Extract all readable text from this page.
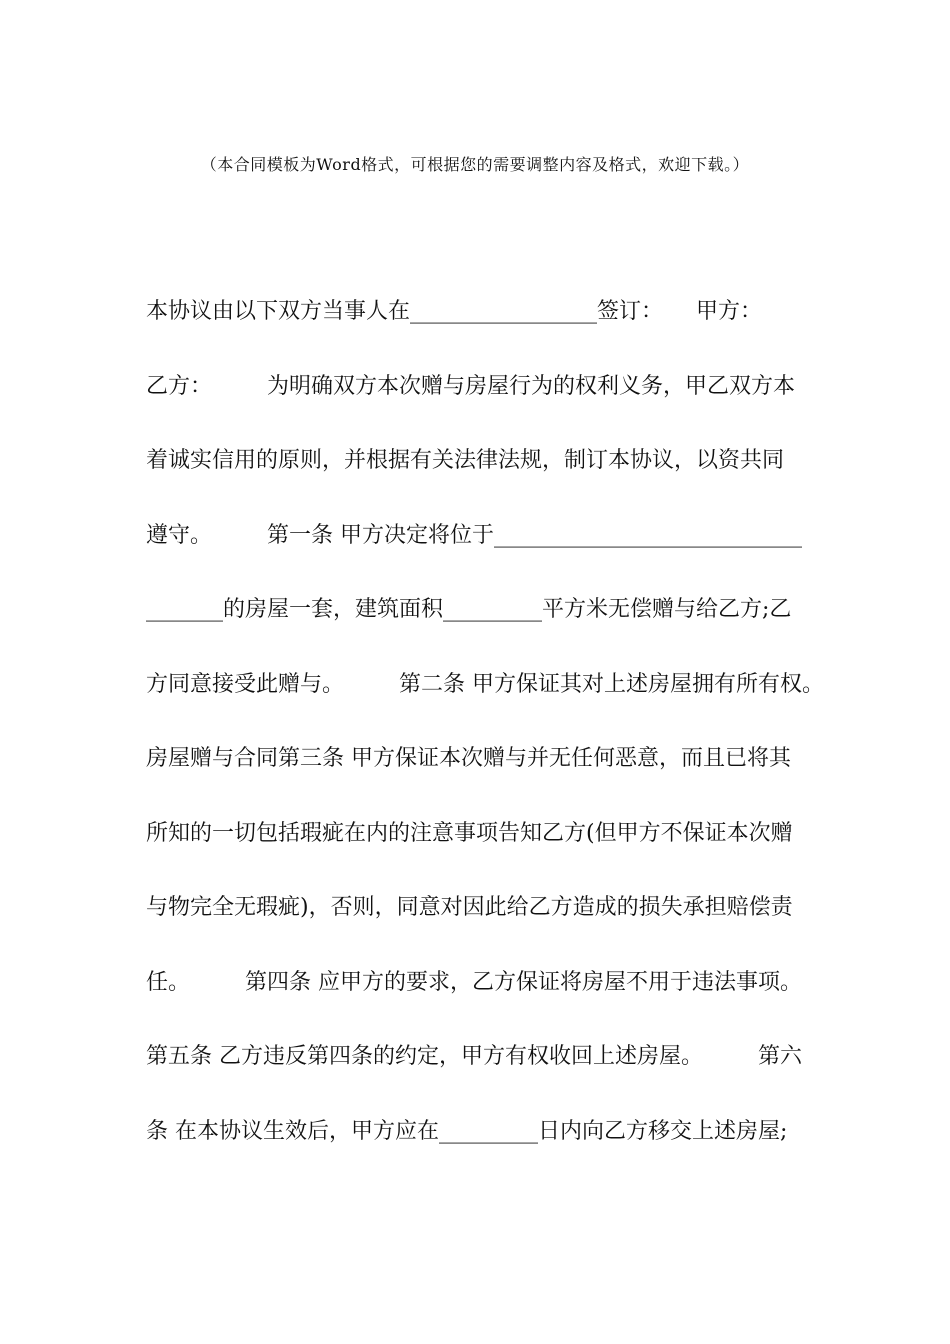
（本合同模板为Word格式，可根据您的需要调整内容及格式，欢迎下载。）
本协议由以下双方当事人在_________________签订：　　甲方：
乙方：　　　为明确双方本次赠与房屋行为的权利义务，甲乙双方本
着诚实信用的原则，并根据有关法律法规，制订本协议，以资共同
遵守。　　　第一条 甲方决定将位于____________________________
_______的房屋一套，建筑面积_________平方米无偿赠与给乙方;乙
方同意接受此赠与。　　　第二条 甲方保证其对上述房屋拥有所有权。
房屋赠与合同第三条 甲方保证本次赠与并无任何恶意，而且已将其
所知的一切包括瑕疵在内的注意事项告知乙方(但甲方不保证本次赠
与物完全无瑕疵)，否则，同意对因此给乙方造成的损失承担赔偿责
任。　　　第四条 应甲方的要求，乙方保证将房屋不用于违法事项。
第五条 乙方违反第四条的约定，甲方有权收回上述房屋。　　　第六
条 在本协议生效后，甲方应在_________日内向乙方移交上述房屋;
